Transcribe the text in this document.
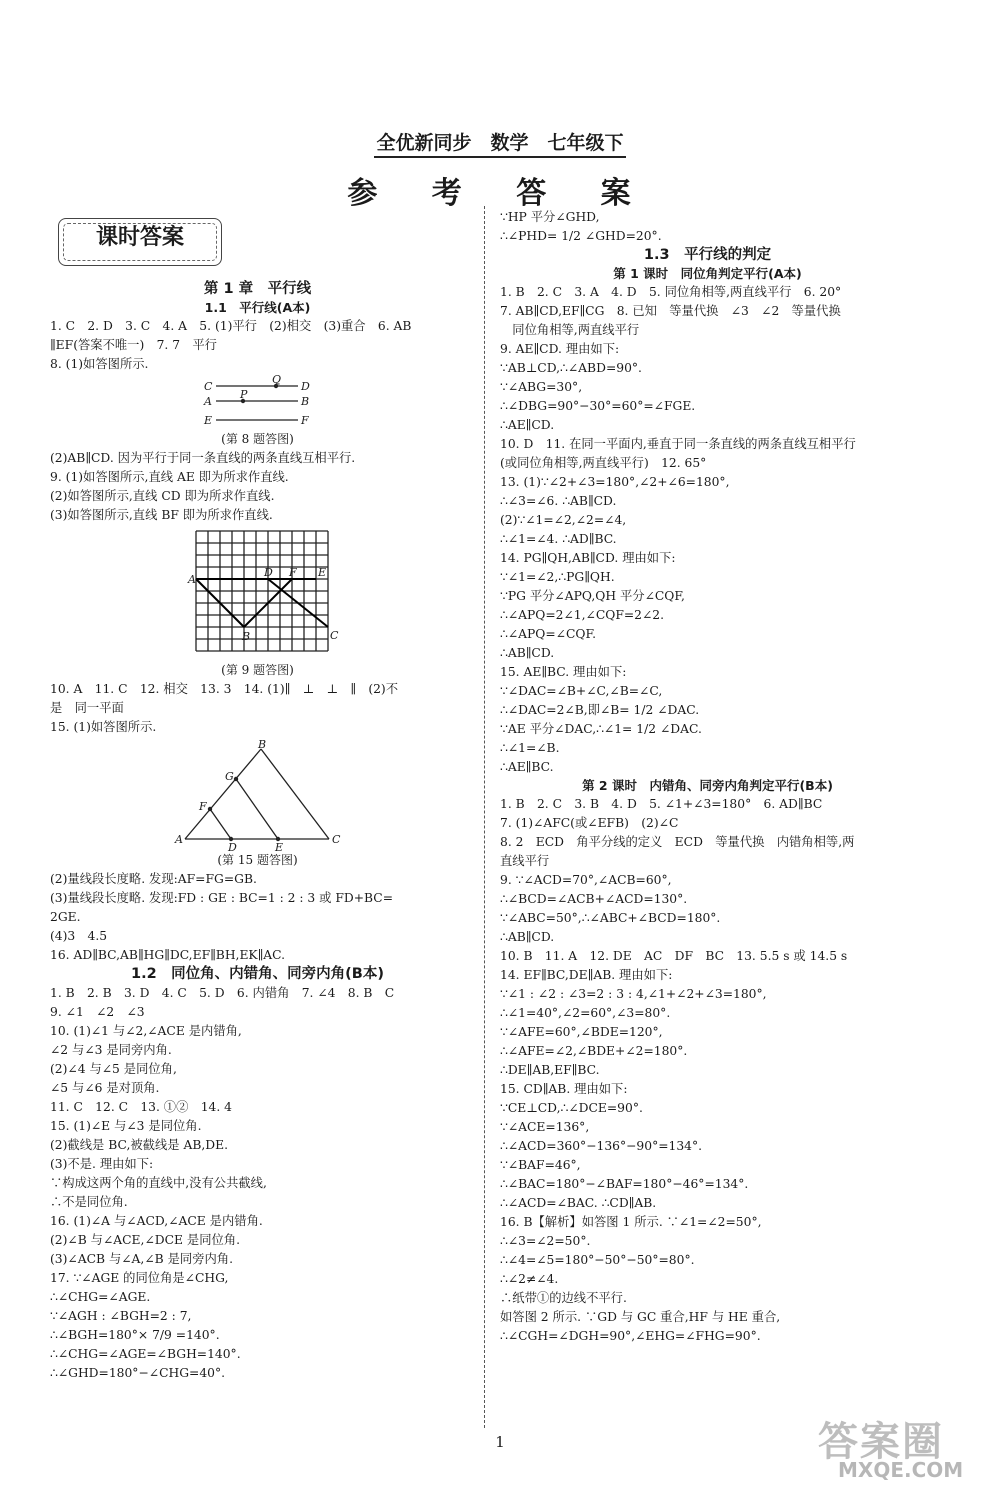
全优新同步　数学　七年级下
参 考 答 案
课时答案
第 1 章　平行线
1.1　平行线(A本)
1. C　2. D　3. C　4. A　5. (1)平行　(2)相交　(3)重合　6. AB
∥EF(答案不唯一)　7. 7　平行
8. (1)如答图所示.
C
Q
D
A
P
B
E	F
(第 8 题答图)
(2)AB∥CD. 因为平行于同一条直线的两条直线互相平行.
9. (1)如答图所示,直线 AE 即为所求作直线.
(2)如答图所示,直线 CD 即为所求作直线.
(3)如答图所示,直线 BF 即为所求作直线.
A
D F E
B	C
(第 9 题答图)
10. A　11. C　12. 相交　13. 3　14. (1)∥　⊥　⊥　∥　(2)不
是　同一平面
15. (1)如答图所示.
B
G
F
A
D	E
C
(第 15 题答图)
(2)量线段长度略. 发现:AF=FG=GB.
(3)量线段长度略. 发现:FD : GE : BC=1 : 2 : 3 或 FD+BC=
2GE.
(4)3　4.5
16. AD∥BC,AB∥HG∥DC,EF∥BH,EK∥AC.
1.2　同位角、内错角、同旁内角(B本)
1. B　2. B　3. D　4. C　5. D　6. 内错角　7. ∠4　8. B　C
9. ∠1　∠2　∠3
10. (1)∠1 与∠2,∠ACE 是内错角,
∠2 与∠3 是同旁内角.
(2)∠4 与∠5 是同位角,
∠5 与∠6 是对顶角.
11. C　12. C　13. ①②　14. 4
15. (1)∠E 与∠3 是同位角.
(2)截线是 BC,被截线是 AB,DE.
(3)不是. 理由如下:
∵构成这两个角的直线中,没有公共截线,
∴不是同位角.
16. (1)∠A 与∠ACD,∠ACE 是内错角.
(2)∠B 与∠ACE,∠DCE 是同位角.
(3)∠ACB 与∠A,∠B 是同旁内角.
17. ∵∠AGE 的同位角是∠CHG,
∴∠CHG=∠AGE.
∵∠AGH : ∠BGH=2 : 7,
∴∠BGH=180°× 7/9 =140°.
∴∠CHG=∠AGE=∠BGH=140°.
∴∠GHD=180°−∠CHG=40°.
∵HP 平分∠GHD,
∴∠PHD= 1/2 ∠GHD=20°.
1.3　平行线的判定
第 1 课时　同位角判定平行(A本)
1. B　2. C　3. A　4. D　5. 同位角相等,两直线平行　6. 20°
7. AB∥CD,EF∥CG　8. 已知　等量代换　∠3　∠2　等量代换
　同位角相等,两直线平行
9. AE∥CD. 理由如下:
∵AB⊥CD,∴∠ABD=90°.
∵∠ABG=30°,
∴∠DBG=90°−30°=60°=∠FGE.
∴AE∥CD.
10. D　11. 在同一平面内,垂直于同一条直线的两条直线互相平行
(或同位角相等,两直线平行)　12. 65°
13. (1)∵∠2+∠3=180°,∠2+∠6=180°,
∴∠3=∠6. ∴AB∥CD.
(2)∵∠1=∠2,∠2=∠4,
∴∠1=∠4. ∴AD∥BC.
14. PG∥QH,AB∥CD. 理由如下:
∵∠1=∠2,∴PG∥QH.
∵PG 平分∠APQ,QH 平分∠CQF,
∴∠APQ=2∠1,∠CQF=2∠2.
∴∠APQ=∠CQF.
∴AB∥CD.
15. AE∥BC. 理由如下:
∵∠DAC=∠B+∠C,∠B=∠C,
∴∠DAC=2∠B,即∠B= 1/2 ∠DAC.
∵AE 平分∠DAC,∴∠1= 1/2 ∠DAC.
∴∠1=∠B.
∴AE∥BC.
第 2 课时　内错角、同旁内角判定平行(B本)
1. B　2. C　3. B　4. D　5. ∠1+∠3=180°　6. AD∥BC
7. (1)∠AFC(或∠EFB)　(2)∠C
8. 2　ECD　角平分线的定义　ECD　等量代换　内错角相等,两
直线平行
9. ∵∠ACD=70°,∠ACB=60°,
∴∠BCD=∠ACB+∠ACD=130°.
∵∠ABC=50°,∴∠ABC+∠BCD=180°.
∴AB∥CD.
10. B　11. A　12. DE　AC　DF　BC　13. 5.5 s 或 14.5 s
14. EF∥BC,DE∥AB. 理由如下:
∵∠1 : ∠2 : ∠3=2 : 3 : 4,∠1+∠2+∠3=180°,
∴∠1=40°,∠2=60°,∠3=80°.
∵∠AFE=60°,∠BDE=120°,
∴∠AFE=∠2,∠BDE+∠2=180°.
∴DE∥AB,EF∥BC.
15. CD∥AB. 理由如下:
∵CE⊥CD,∴∠DCE=90°.
∵∠ACE=136°,
∴∠ACD=360°−136°−90°=134°.
∵∠BAF=46°,
∴∠BAC=180°−∠BAF=180°−46°=134°.
∴∠ACD=∠BAC. ∴CD∥AB.
16. B【解析】如答图 1 所示. ∵∠1=∠2=50°,
∴∠3=∠2=50°.
∴∠4=∠5=180°−50°−50°=80°.
∴∠2≠∠4.
∴纸带①的边线不平行.
如答图 2 所示. ∵GD 与 GC 重合,HF 与 HE 重合,
∴∠CGH=∠DGH=90°,∠EHG=∠FHG=90°.
1	答案圈
MXQE.COM
